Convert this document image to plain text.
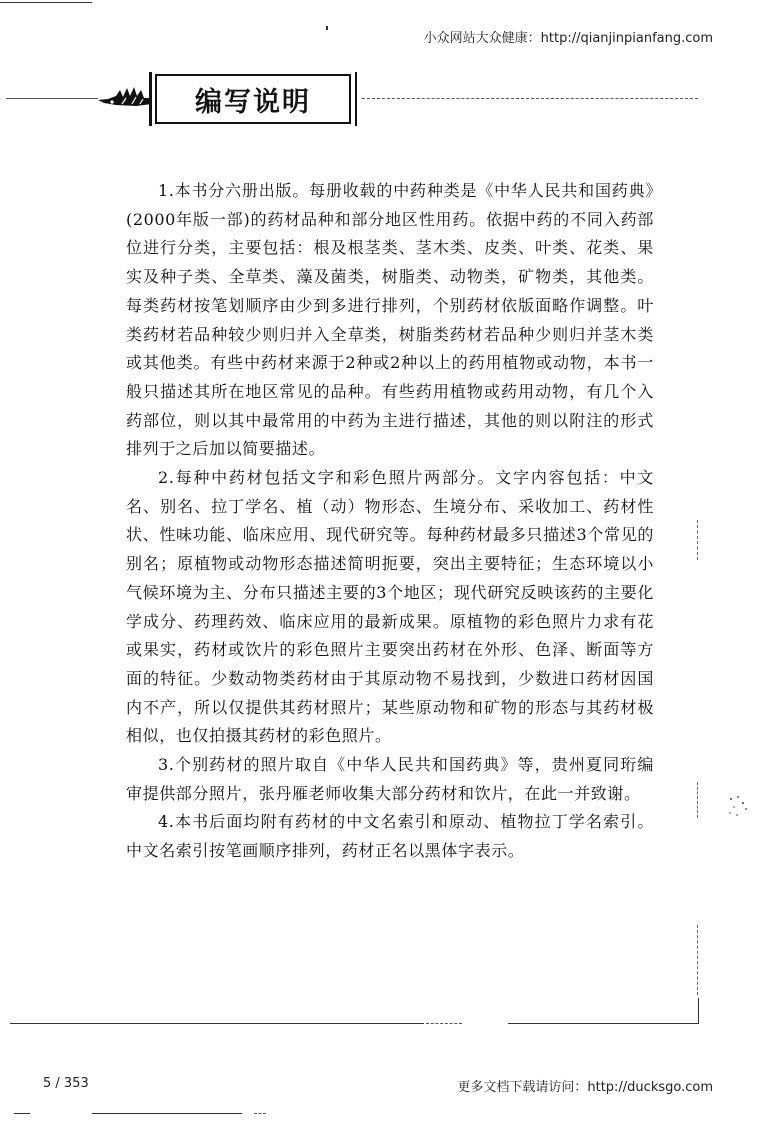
小众网站大众健康：http://qianjinpianfang.com
编写说明

1.本书分六册出版。每册收载的中药种类是《中华人民共和国药典》(2000年版一部)的药材品种和部分地区性用药。依据中药的不同入药部位进行分类，主要包括：根及根茎类、茎木类、皮类、叶类、花类、果实及种子类、全草类、藻及菌类，树脂类、动物类，矿物类，其他类。每类药材按笔划顺序由少到多进行排列，个别药材依版面略作调整。叶类药材若品种较少则归并入全草类，树脂类药材若品种少则归并茎木类或其他类。有些中药材来源于2种或2种以上的药用植物或动物，本书一般只描述其所在地区常见的品种。有些药用植物或药用动物，有几个入药部位，则以其中最常用的中药为主进行描述，其他的则以附注的形式排列于之后加以简要描述。

2.每种中药材包括文字和彩色照片两部分。文字内容包括：中文名、别名、拉丁学名、植（动）物形态、生境分布、采收加工、药材性状、性味功能、临床应用、现代研究等。每种药材最多只描述3个常见的别名；原植物或动物形态描述简明扼要，突出主要特征；生态环境以小气候环境为主、分布只描述主要的3个地区；现代研究反映该药的主要化学成分、药理药效、临床应用的最新成果。原植物的彩色照片力求有花或果实，药材或饮片的彩色照片主要突出药材在外形、色泽、断面等方面的特征。少数动物类药材由于其原动物不易找到，少数进口药材因国内不产，所以仅提供其药材照片；某些原动物和矿物的形态与其药材极相似，也仅拍摄其药材的彩色照片。

3.个别药材的照片取自《中华人民共和国药典》等，贵州夏同珩编审提供部分照片，张丹雁老师收集大部分药材和饮片，在此一并致谢。

4.本书后面均附有药材的中文名索引和原动、植物拉丁学名索引。中文名索引按笔画顺序排列，药材正名以黑体字表示。

5 / 353	更多文档下载请访问：http://ducksgo.com
